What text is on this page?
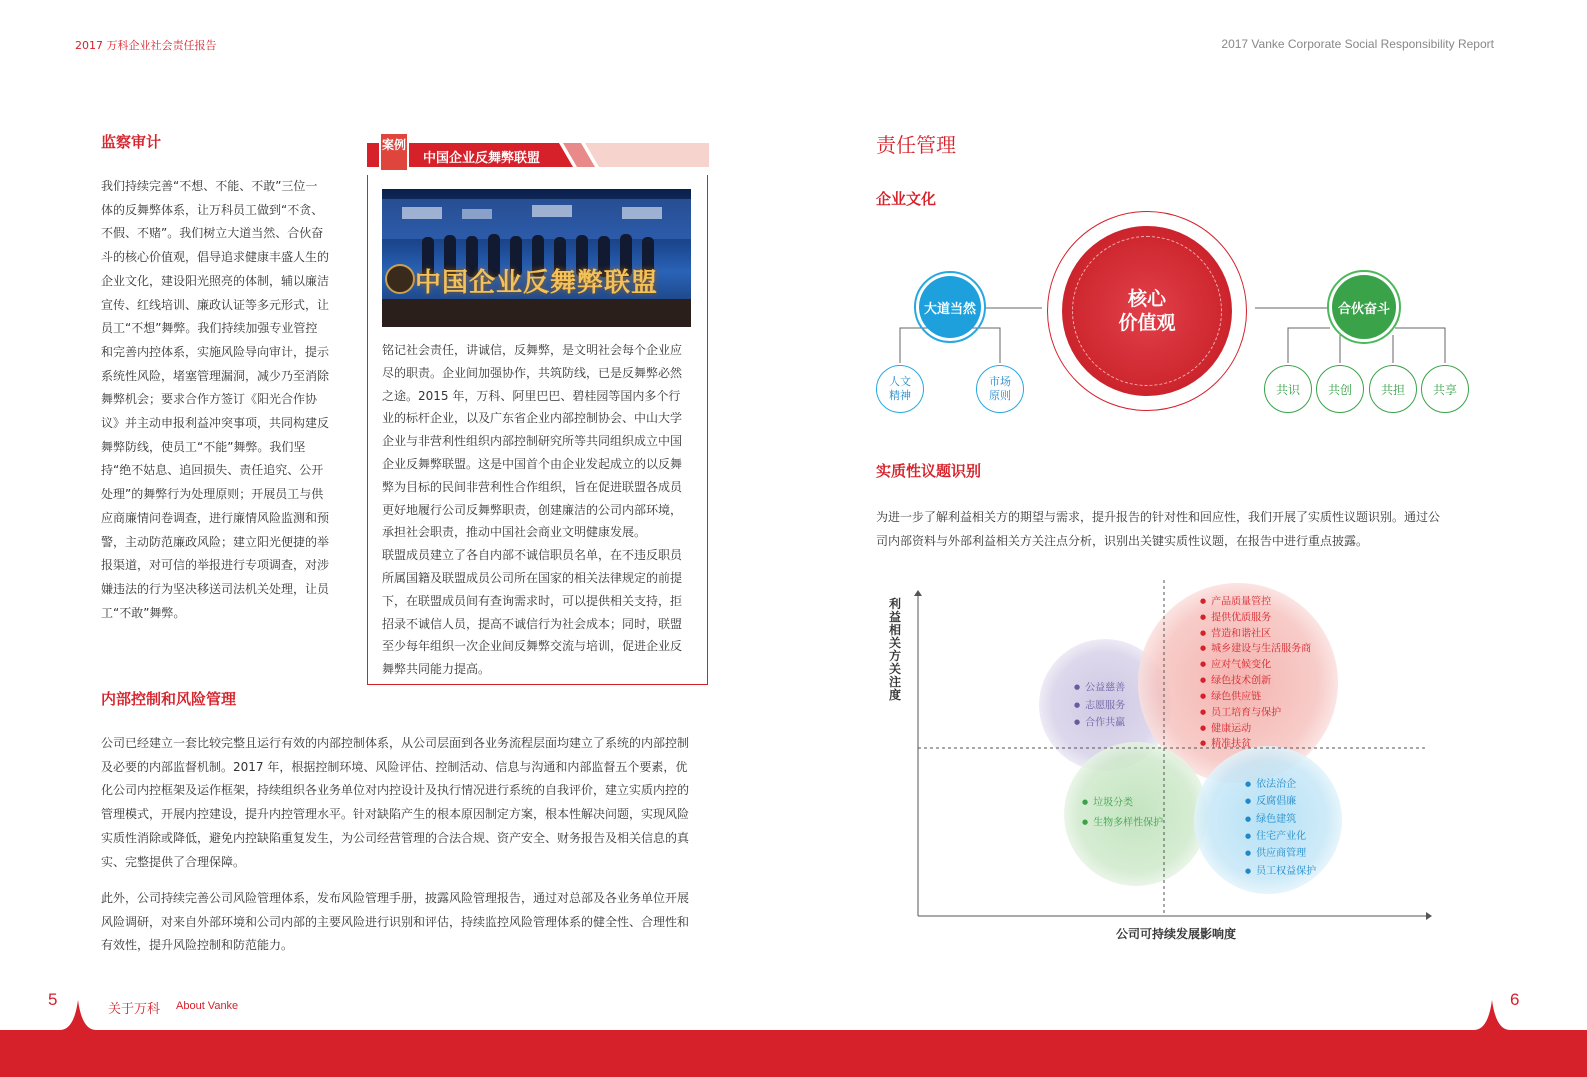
2017 万科企业社会责任报告	2017 Vanke Corporate Social Responsibility Report
监察审计

我们持续完善“不想、不能、不敢”三位一体的反舞弊体系，让万科员工做到“不贪、不假、不赌”。我们树立大道当然、合伙奋斗的核心价值观，倡导追求健康丰盛人生的企业文化，建设阳光照亮的体制，辅以廉洁宣传、红线培训、廉政认证等多元形式，让员工“不想”舞弊。我们持续加强专业管控和完善内控体系，实施风险导向审计，提示系统性风险，堵塞管理漏洞，减少乃至消除舞弊机会；要求合作方签订《阳光合作协议》并主动申报利益冲突事项，共同构建反舞弊防线，使员工“不能”舞弊。我们坚持“绝不姑息、追回损失、责任追究、公开处理”的舞弊行为处理原则；开展员工与供应商廉情问卷调查，进行廉情风险监测和预警，主动防范廉政风险；建立阳光便捷的举报渠道，对可信的举报进行专项调查，对涉嫌违法的行为坚决移送司法机关处理，让员工“不敢”舞弊。

案例
中国企业反舞弊联盟
中国企业反舞弊联盟

铭记社会责任，讲诚信，反舞弊，是文明社会每个企业应尽的职责。企业间加强协作，共筑防线，已是反舞弊必然之途。2015 年，万科、阿里巴巴、碧桂园等国内多个行业的标杆企业，以及广东省企业内部控制协会、中山大学企业与非营利性组织内部控制研究所等共同组织成立中国企业反舞弊联盟。这是中国首个由企业发起成立的以反舞弊为目标的民间非营利性合作组织，旨在促进联盟各成员更好地履行公司反舞弊职责，创建廉洁的公司内部环境，承担社会职责，推动中国社会商业文明健康发展。

联盟成员建立了各自内部不诚信职员名单，在不违反职员所属国籍及联盟成员公司所在国家的相关法律规定的前提下，在联盟成员间有查询需求时，可以提供相关支持，拒招录不诚信人员，提高不诚信行为社会成本；同时，联盟至少每年组织一次企业间反舞弊交流与培训，促进企业反舞弊共同能力提高。

内部控制和风险管理

公司已经建立一套比较完整且运行有效的内部控制体系，从公司层面到各业务流程层面均建立了系统的内部控制及必要的内部监督机制。2017 年，根据控制环境、风险评估、控制活动、信息与沟通和内部监督五个要素，优化公司内控框架及运作框架，持续组织各业务单位对内控设计及执行情况进行系统的自我评价，建立实质内控的管理模式，开展内控建设，提升内控管理水平。针对缺陷产生的根本原因制定方案，根本性解决问题，实现风险实质性消除或降低，避免内控缺陷重复发生，为公司经营管理的合法合规、资产安全、财务报告及相关信息的真实、完整提供了合理保障。

此外，公司持续完善公司风险管理体系，发布风险管理手册，披露风险管理报告，通过对总部及各业务单位开展风险调研，对来自外部环境和公司内部的主要风险进行识别和评估，持续监控风险管理体系的健全性、合理性和有效性，提升风险控制和防范能力。

责任管理
企业文化
核心
价值观
大道当然
人文
精神
市场
原则
合伙奋斗
共识	共创	共担	共享
实质性议题识别

为进一步了解利益相关方的期望与需求，提升报告的针对性和回应性，我们开展了实质性议题识别。通过公司内部资料与外部利益相关方关注点分析，识别出关键实质性议题，在报告中进行重点披露。

利益相关方关注度
公司可持续发展影响度
● 公益慈善
● 志愿服务
● 合作共赢
● 产品质量管控
● 提供优质服务
● 营造和谐社区
● 城乡建设与生活服务商
● 应对气候变化
● 绿色技术创新
● 绿色供应链
● 员工培育与保护
● 健康运动
● 精准扶贫
● 垃圾分类
● 生物多样性保护
● 依法治企
● 反腐倡廉
● 绿色建筑
● 住宅产业化
● 供应商管理
● 员工权益保护
5
关于万科 About Vanke	6
